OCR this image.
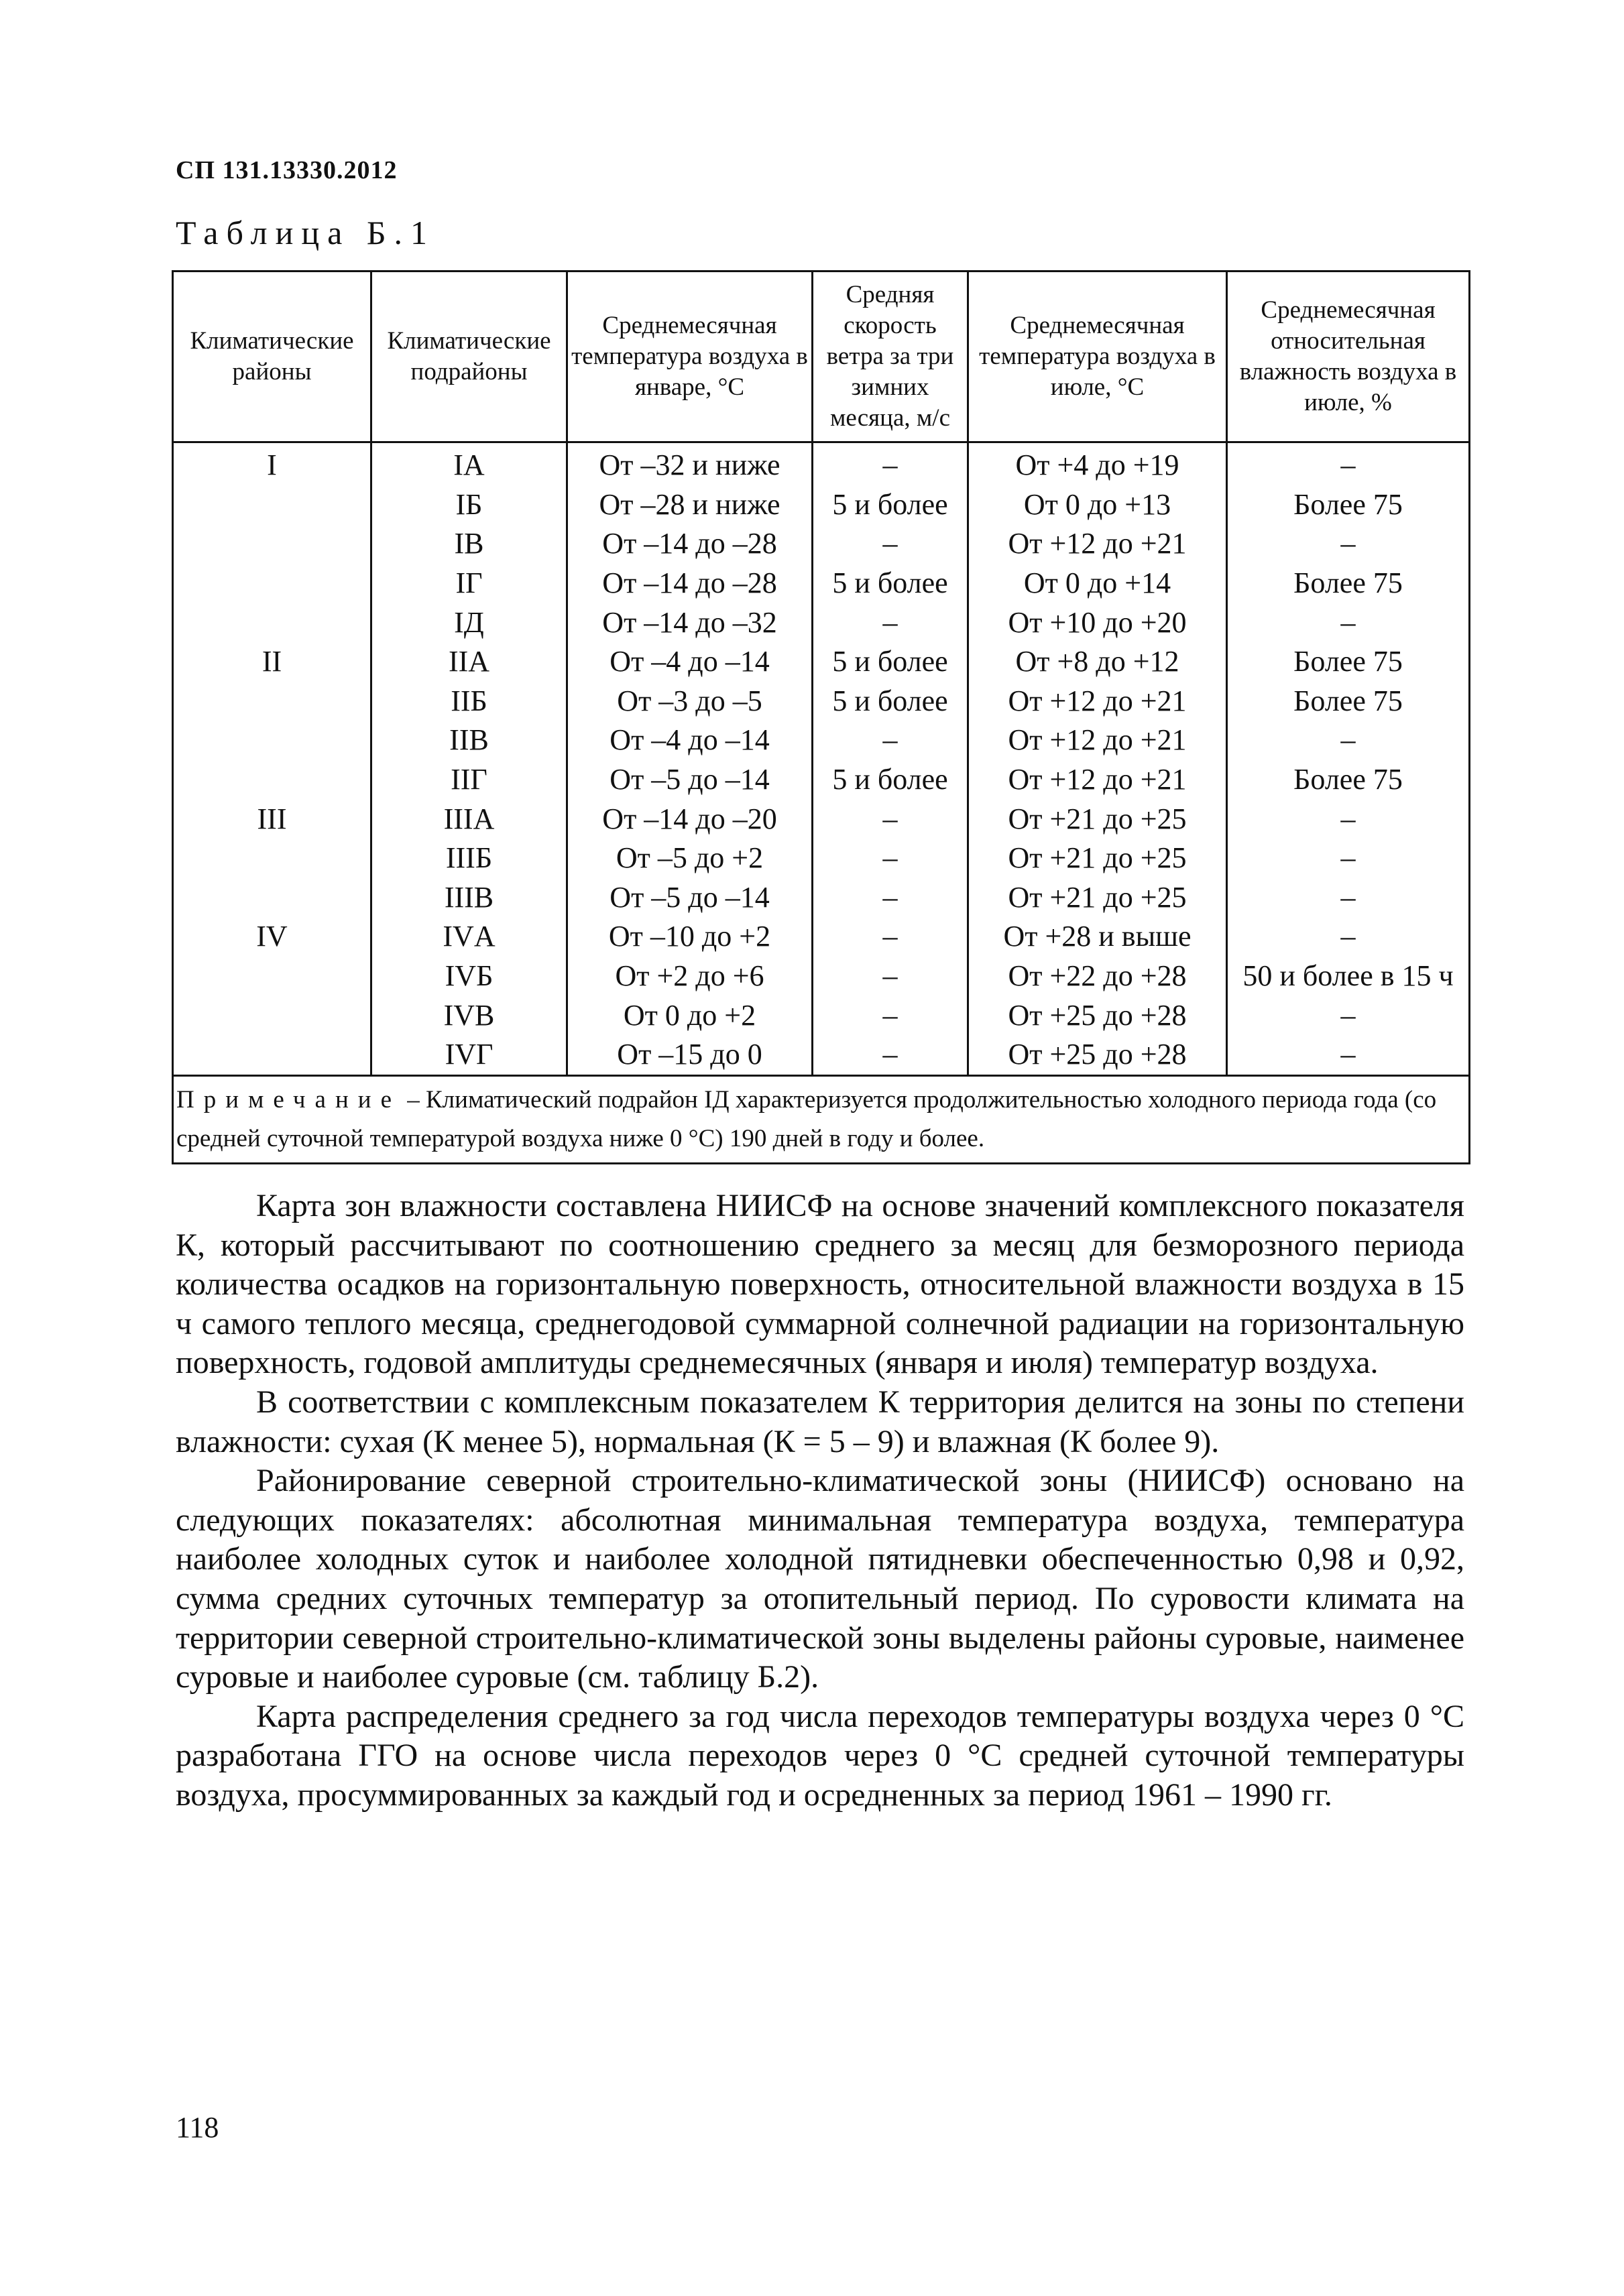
СП 131.13330.2012
Таблица Б.1
Климатические районы	Климатические подрайоны	Среднемесячная температура воздуха в январе, °С	Средняя скорость ветра за три зимних месяца, м/с	Среднемесячная температура воздуха в июле, °С	Среднемесячная относительная влажность воздуха в июле, %
I	IА	От –32 и ниже	–	От +4 до +19	–
	IБ	От –28 и ниже	5 и более	От 0 до +13	Более 75
	IВ	От –14 до –28	–	От +12 до +21	–
	IГ	От –14 до –28	5 и более	От 0 до +14	Более 75
	IД	От –14 до –32	–	От +10 до +20	–
II	IIА	От –4 до –14	5 и более	От +8 до +12	Более 75
	IIБ	От –3 до –5	5 и более	От +12 до +21	Более 75
	IIВ	От –4 до –14	–	От +12 до +21	–
	IIГ	От –5 до –14	5 и более	От +12 до +21	Более 75
III	IIIА	От –14 до –20	–	От +21 до +25	–
	IIIБ	От –5 до +2	–	От +21 до +25	–
	IIIВ	От –5 до –14	–	От +21 до +25	–
IV	IVА	От –10 до +2	–	От +28 и выше	–
	IVБ	От +2 до +6	–	От +22 до +28	50 и более в 15 ч
	IVВ	От 0 до +2	–	От +25 до +28	–
	IVГ	От –15 до 0	–	От +25 до +28	–
Примечание – Климатический подрайон IД характеризуется продолжительностью холодного периода года (со средней суточной температурой воздуха ниже 0 °С) 190 дней в году и более.					

Карта зон влажности составлена НИИСФ на основе значений комплексного показателя К, который рассчитывают по соотношению среднего за месяц для безморозного периода количества осадков на горизонтальную поверхность, относительной влажности воздуха в 15 ч самого теплого месяца, среднегодовой суммарной солнечной радиации на горизонтальную поверхность, годовой амплитуды среднемесячных (января и июля) температур воздуха.

В соответствии с комплексным показателем К территория делится на зоны по степени влажности: сухая (К менее 5), нормальная (К = 5 – 9) и влажная (К более 9).

Районирование северной строительно-климатической зоны (НИИСФ) основано на следующих показателях: абсолютная минимальная температура воздуха, температура наиболее холодных суток и наиболее холодной пятидневки обеспеченностью 0,98 и 0,92, сумма средних суточных температур за отопительный период. По суровости климата на территории северной строительно-климатической зоны выделены районы суровые, наименее суровые и наиболее суровые (см. таблицу Б.2).

Карта распределения среднего за год числа переходов температуры воздуха через 0 °С разработана ГГО на основе числа переходов через 0 °С средней суточной температуры воздуха, просуммированных за каждый год и осредненных за период 1961 – 1990 гг.

118
